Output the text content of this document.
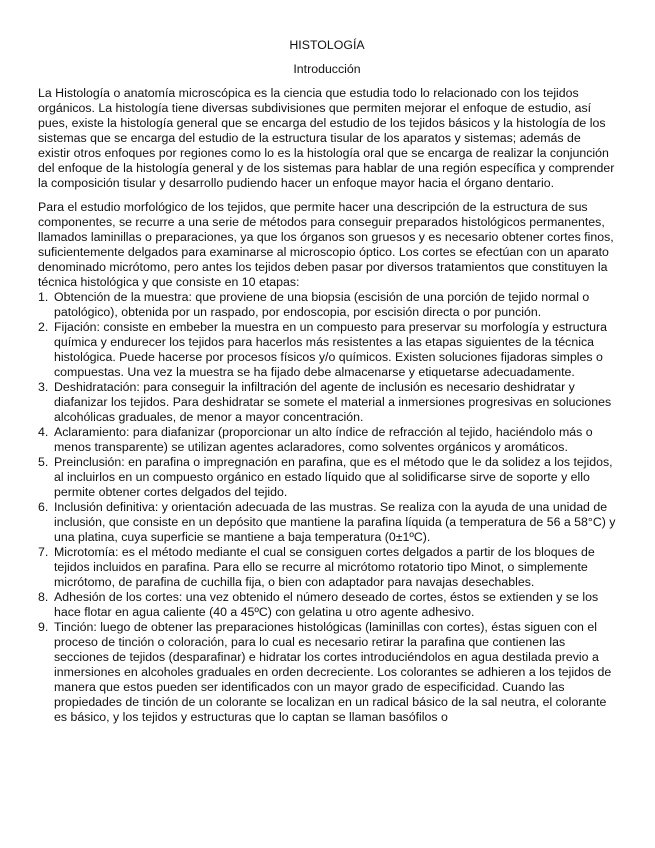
HISTOLOGÍA
Introducción

La Histología o anatomía microscópica es la ciencia que estudia todo lo relacionado con los tejidos orgánicos. La histología tiene diversas subdivisiones que permiten mejorar el enfoque de estudio, así pues, existe la histología general que se encarga del estudio de los tejidos básicos y la histología de los sistemas que se encarga del estudio de la estructura tisular de los aparatos y sistemas; además de existir otros enfoques por regiones como lo es la histología oral que se encarga de realizar la conjunción del enfoque de la histología general y de los sistemas para hablar de una región específica y comprender la composición tisular y desarrollo pudiendo hacer un enfoque mayor hacia el órgano dentario.

Para el estudio morfológico de los tejidos, que permite hacer una descripción de la estructura de sus componentes, se recurre a una serie de métodos para conseguir preparados histológicos permanentes, llamados laminillas o preparaciones, ya que los órganos son gruesos y es necesario obtener cortes finos, suficientemente delgados para examinarse al microscopio óptico. Los cortes se efectúan con un aparato denominado micrótomo, pero antes los tejidos deben pasar por diversos tratamientos que constituyen la técnica histológica y que consiste en 10 etapas:

1. Obtención de la muestra: que proviene de una biopsia (escisión de una porción de tejido normal o patológico), obtenida por un raspado, por endoscopia, por escisión directa o por punción.
2. Fijación: consiste en embeber la muestra en un compuesto para preservar su morfología y estructura química y endurecer los tejidos para hacerlos más resistentes a las etapas siguientes de la técnica histológica. Puede hacerse por procesos físicos y/o químicos. Existen soluciones fijadoras simples o compuestas. Una vez la muestra se ha fijado debe almacenarse y etiquetarse adecuadamente.
3. Deshidratación: para conseguir la infiltración del agente de inclusión es necesario deshidratar y diafanizar los tejidos. Para deshidratar se somete el material a inmersiones progresivas en soluciones alcohólicas graduales, de menor a mayor concentración.
4. Aclaramiento: para diafanizar (proporcionar un alto índice de refracción al tejido, haciéndolo más o menos transparente) se utilizan agentes aclaradores, como solventes orgánicos y aromáticos.
5. Preinclusión: en parafina o impregnación en parafina, que es el método que le da solidez a los tejidos, al incluirlos en un compuesto orgánico en estado líquido que al solidificarse sirve de soporte y ello permite obtener cortes delgados del tejido.
6. Inclusión definitiva: y orientación adecuada de las mustras. Se realiza con la ayuda de una unidad de inclusión, que consiste en un depósito que mantiene la parafina líquida (a temperatura de 56 a 58°C) y una platina, cuya superficie se mantiene a baja temperatura (0±1ºC).
7. Microtomía: es el método mediante el cual se consiguen cortes delgados a partir de los bloques de tejidos incluidos en parafina. Para ello se recurre al micrótomo rotatorio tipo Minot, o simplemente micrótomo, de parafina de cuchilla fija, o bien con adaptador para navajas desechables.
8. Adhesión de los cortes: una vez obtenido el número deseado de cortes, éstos se extienden y se los hace flotar en agua caliente (40 a 45ºC) con gelatina u otro agente adhesivo.
9. Tinción: luego de obtener las preparaciones histológicas (laminillas con cortes), éstas siguen con el proceso de tinción o coloración, para lo cual es necesario retirar la parafina que contienen las secciones de tejidos (desparafinar) e hidratar los cortes introduciéndolos en agua destilada previo a inmersiones en alcoholes graduales en orden decreciente. Los colorantes se adhieren a los tejidos de manera que estos pueden ser identificados con un mayor grado de especificidad. Cuando las propiedades de tinción de un colorante se localizan en un radical básico de la sal neutra, el colorante es básico, y los tejidos y estructuras que lo captan se llaman basófilos o
